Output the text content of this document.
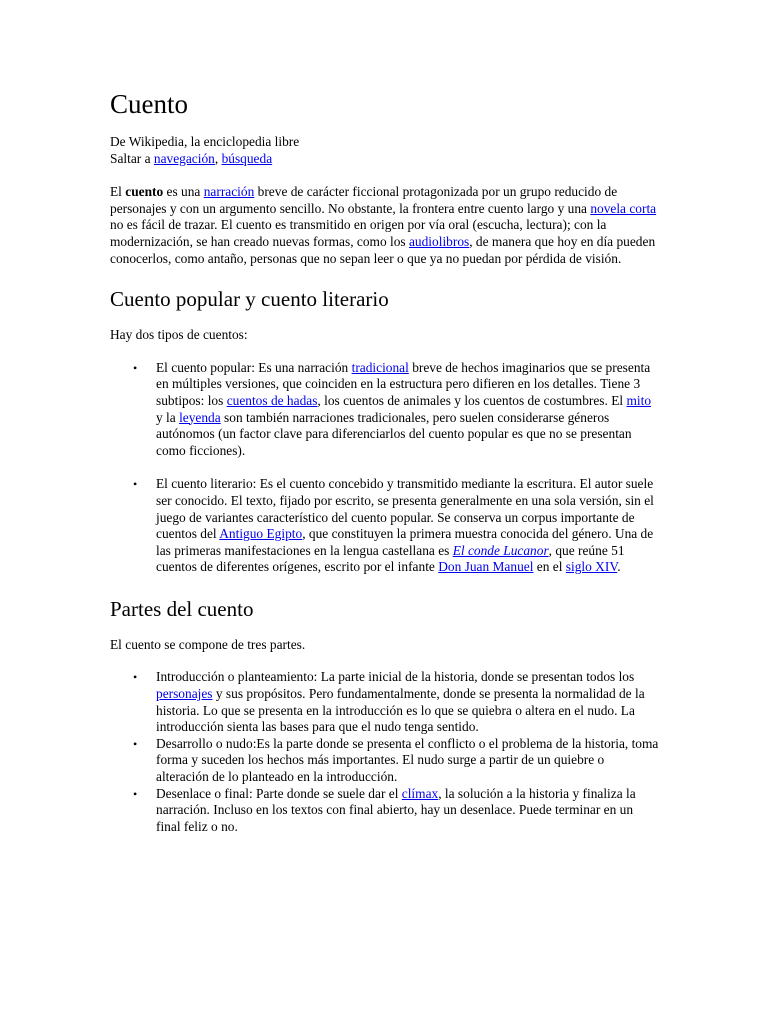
Cuento

De Wikipedia, la enciclopedia libre

Saltar a navegación, búsqueda

El cuento es una narración breve de carácter ficcional protagonizada por un grupo reducido de personajes y con un argumento sencillo. No obstante, la frontera entre cuento largo y una novela corta no es fácil de trazar. El cuento es transmitido en origen por vía oral (escucha, lectura); con la modernización, se han creado nuevas formas, como los audiolibros, de manera que hoy en día pueden conocerlos, como antaño, personas que no sepan leer o que ya no puedan por pérdida de visión.

Cuento popular y cuento literario

Hay dos tipos de cuentos:

• El cuento popular: Es una narración tradicional breve de hechos imaginarios que se presenta en múltiples versiones, que coinciden en la estructura pero difieren en los detalles. Tiene 3 subtipos: los cuentos de hadas, los cuentos de animales y los cuentos de costumbres. El mito y la leyenda son también narraciones tradicionales, pero suelen considerarse géneros autónomos (un factor clave para diferenciarlos del cuento popular es que no se presentan como ficciones).
• El cuento literario: Es el cuento concebido y transmitido mediante la escritura. El autor suele ser conocido. El texto, fijado por escrito, se presenta generalmente en una sola versión, sin el juego de variantes característico del cuento popular. Se conserva un corpus importante de cuentos del Antiguo Egipto, que constituyen la primera muestra conocida del género. Una de las primeras manifestaciones en la lengua castellana es El conde Lucanor, que reúne 51 cuentos de diferentes orígenes, escrito por el infante Don Juan Manuel en el siglo XIV.
Partes del cuento

El cuento se compone de tres partes.

• Introducción o planteamiento: La parte inicial de la historia, donde se presentan todos los personajes y sus propósitos. Pero fundamentalmente, donde se presenta la normalidad de la historia. Lo que se presenta en la introducción es lo que se quiebra o altera en el nudo. La introducción sienta las bases para que el nudo tenga sentido.
• Desarrollo o nudo:Es la parte donde se presenta el conflicto o el problema de la historia, toma forma y suceden los hechos más importantes. El nudo surge a partir de un quiebre o alteración de lo planteado en la introducción.
• Desenlace o final: Parte donde se suele dar el clímax, la solución a la historia y finaliza la narración. Incluso en los textos con final abierto, hay un desenlace. Puede terminar en un final feliz o no.
